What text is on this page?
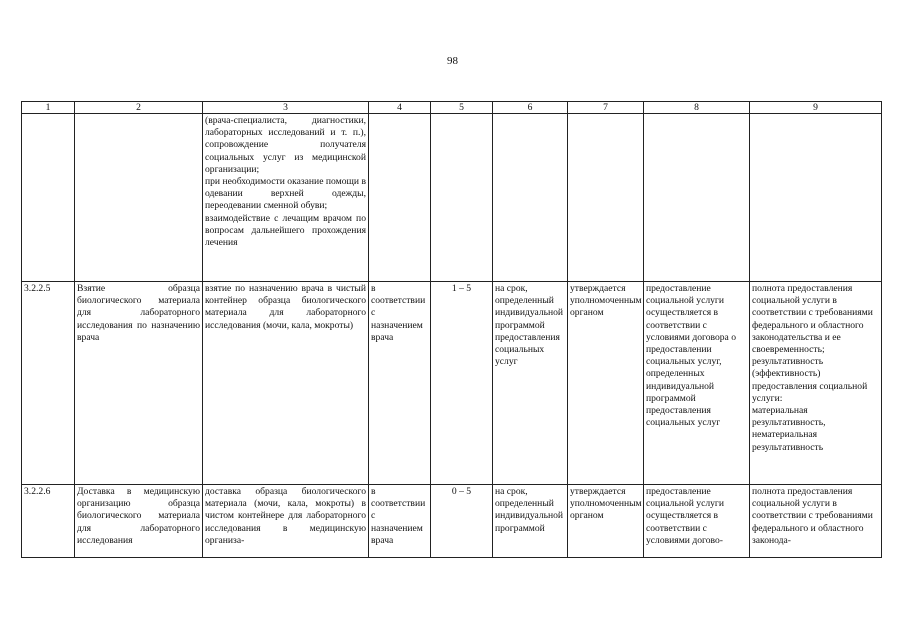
98
1	2	3	4	5	6	7	8	9
		(врача-специалиста, диагностики, лабораторных исследований и т. п.), сопровождение получателя социальных услуг из медицинской организации;
при необходимости оказание помощи в одевании верхней одежды, переодевании сменной обуви;
взаимодействие с лечащим врачом по вопросам дальнейшего прохождения лечения						
3.2.2.5	Взятие образца биологического материала для лабораторного исследования по назначению врача	взятие по назначению врача в чистый контейнер образца биологического материала для лабораторного исследования (мочи, кала, мокроты)	в соответствии с назначением врача	1 – 5	на срок, определенный индивидуальной программой предоставления социальных услуг	утверждается уполномоченным органом	предоставление социальной услуги осуществляется в соответствии с условиями договора о предоставлении социальных услуг, определенных индивидуальной программой предоставления социальных услуг	полнота предоставления социальной услуги в соответствии с требованиями федерального и областного законодательства и ее своевременность;
результативность (эффективность) предоставления социальной услуги:
материальная результативность,
нематериальная результативность
3.2.2.6	Доставка в медицинскую организацию образца биологического материала для лабораторного исследования	доставка образца биологического материала (мочи, кала, мокроты) в чистом контейнере для лабораторного исследования в медицинскую организа-	в соответствии с назначением врача	0 – 5	на срок, определенный индивидуальной программой	утверждается уполномоченным органом	предоставление социальной услуги осуществляется в соответствии с условиями догово-	полнота предоставления социальной услуги в соответствии с требованиями федерального и областного законода-
